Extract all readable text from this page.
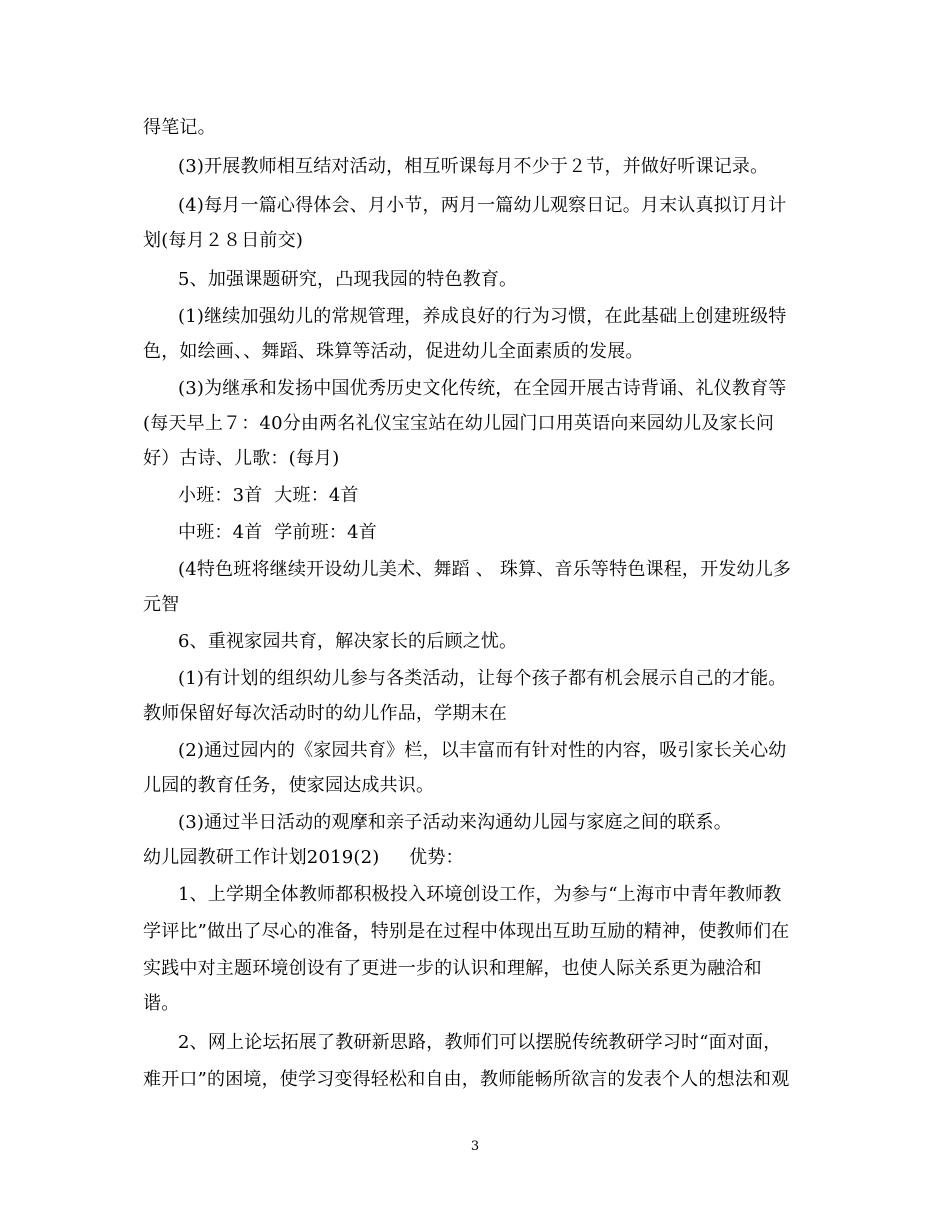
得笔记。
(3)开展教师相互结对活动，相互听课每月不少于２节，并做好听课记录。
(4)每月一篇心得体会、月小节，两月一篇幼儿观察日记。月末认真拟订月计
划(每月２８日前交)
5、加强课题研究，凸现我园的特色教育。
(1)继续加强幼儿的常规管理，养成良好的行为习惯，在此基础上创建班级特
色，如绘画、、舞蹈、珠算等活动，促进幼儿全面素质的发展。
(3)为继承和发扬中国优秀历史文化传统，在全园开展古诗背诵、礼仪教育等
(每天早上７：40分由两名礼仪宝宝站在幼儿园门口用英语向来园幼儿及家长问
好）古诗、儿歌：(每月)
小班：3首  大班：4首
中班：4首  学前班：4首
(4特色班将继续开设幼儿美术、舞蹈 、 珠算、音乐等特色课程，开发幼儿多
元智
6、重视家园共育，解决家长的后顾之忧。
(1)有计划的组织幼儿参与各类活动，让每个孩子都有机会展示自己的才能。
教师保留好每次活动时的幼儿作品，学期末在
(2)通过园内的《家园共育》栏，以丰富而有针对性的内容，吸引家长关心幼
儿园的教育任务，使家园达成共识。
(3)通过半日活动的观摩和亲子活动来沟通幼儿园与家庭之间的联系。
幼儿园教研工作计划2019(2)     优势：
1、上学期全体教师都积极投入环境创设工作，为参与“上海市中青年教师教
学评比”做出了尽心的准备，特别是在过程中体现出互助互励的精神，使教师们在
实践中对主题环境创设有了更进一步的认识和理解，也使人际关系更为融洽和
谐。
2、网上论坛拓展了教研新思路，教师们可以摆脱传统教研学习时“面对面，
难开口”的困境，使学习变得轻松和自由，教师能畅所欲言的发表个人的想法和观
3
